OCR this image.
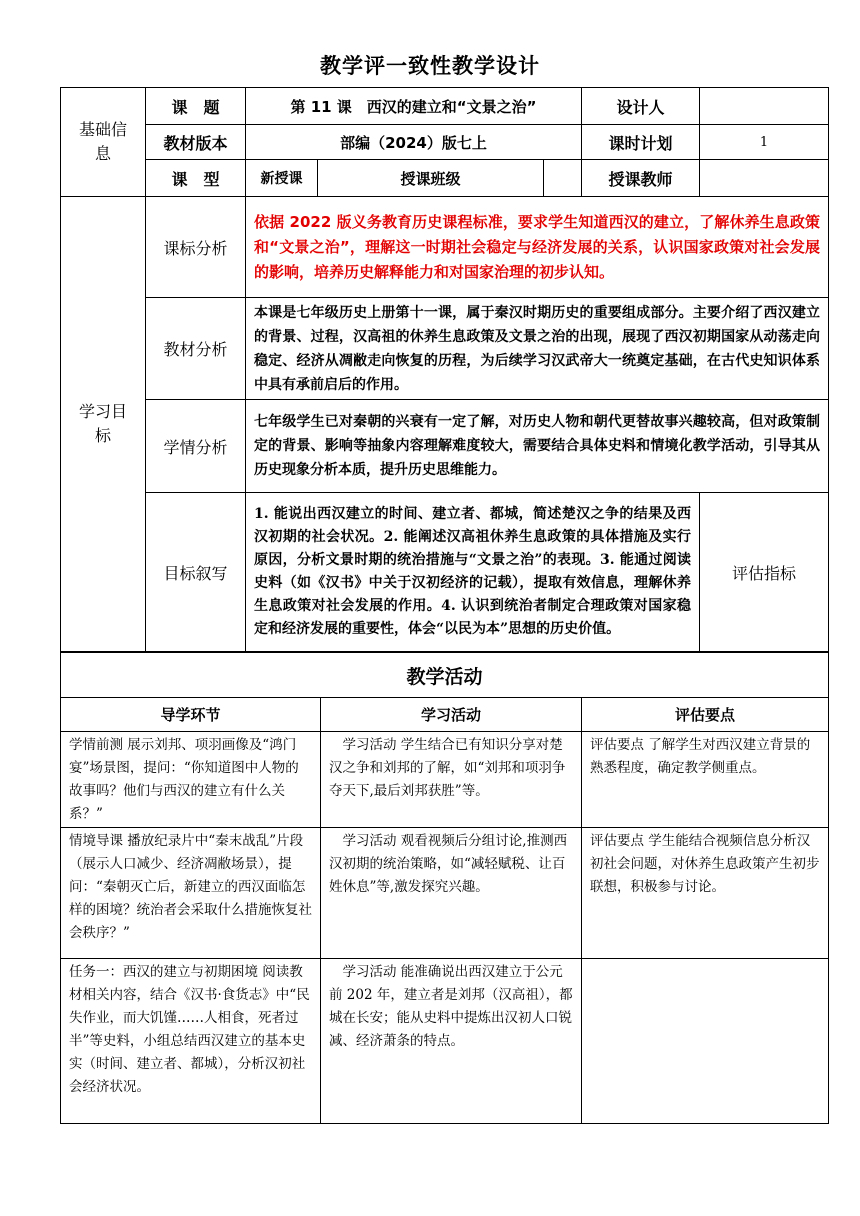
教学评一致性教学设计
基础信息	课　题	第 11 课　西汉的建立和“文景之治”			设计人	
	教材版本	部编（2024）版七上			课时计划	1
	课　型	新授课	授课班级		授课教师	
学习目标	课标分析	依据 2022 版义务教育历史课程标准，要求学生知道西汉的建立，了解休养生息政策和“文景之治”，理解这一时期社会稳定与经济发展的关系，认识国家政策对社会发展的影响，培养历史解释能力和对国家治理的初步认知。				
	教材分析	本课是七年级历史上册第十一课，属于秦汉时期历史的重要组成部分。主要介绍了西汉建立的背景、过程，汉高祖的休养生息政策及文景之治的出现，展现了西汉初期国家从动荡走向稳定、经济从凋敝走向恢复的历程，为后续学习汉武帝大一统奠定基础，在古代史知识体系中具有承前启后的作用。				
	学情分析	七年级学生已对秦朝的兴衰有一定了解，对历史人物和朝代更替故事兴趣较高，但对政策制定的背景、影响等抽象内容理解难度较大，需要结合具体史料和情境化教学活动，引导其从历史现象分析本质，提升历史思维能力。				
	目标叙写	1. 能说出西汉建立的时间、建立者、都城，简述楚汉之争的结果及西汉初期的社会状况。2. 能阐述汉高祖休养生息政策的具体措施及实行原因，分析文景时期的统治措施与“文景之治”的表现。3. 能通过阅读史料（如《汉书》中关于汉初经济的记载），提取有效信息，理解休养生息政策对社会发展的作用。4. 认识到统治者制定合理政策对国家稳定和经济发展的重要性，体会“以民为本”思想的历史价值。				评估指标
教学活动		
导学环节	学习活动	评估要点
学情前测 展示刘邦、项羽画像及“鸿门宴”场景图，提问：“你知道图中人物的故事吗？他们与西汉的建立有什么关系？”	　学习活动 学生结合已有知识分享对楚汉之争和刘邦的了解，如“刘邦和项羽争夺天下,最后刘邦获胜”等。	评估要点 了解学生对西汉建立背景的熟悉程度，确定教学侧重点。
情境导课 播放纪录片中“秦末战乱”片段（展示人口减少、经济凋敝场景），提问：“秦朝灭亡后，新建立的西汉面临怎样的困境？统治者会采取什么措施恢复社会秩序？”	　学习活动 观看视频后分组讨论,推测西汉初期的统治策略，如“减轻赋税、让百姓休息”等,激发探究兴趣。	评估要点 学生能结合视频信息分析汉初社会问题，对休养生息政策产生初步联想，积极参与讨论。
任务一：西汉的建立与初期困境 阅读教材相关内容，结合《汉书·食货志》中“民失作业，而大饥馑……人相食，死者过半”等史料，小组总结西汉建立的基本史实（时间、建立者、都城），分析汉初社会经济状况。	　学习活动 能准确说出西汉建立于公元前 202 年，建立者是刘邦（汉高祖），都城在长安；能从史料中提炼出汉初人口锐减、经济萧条的特点。	
